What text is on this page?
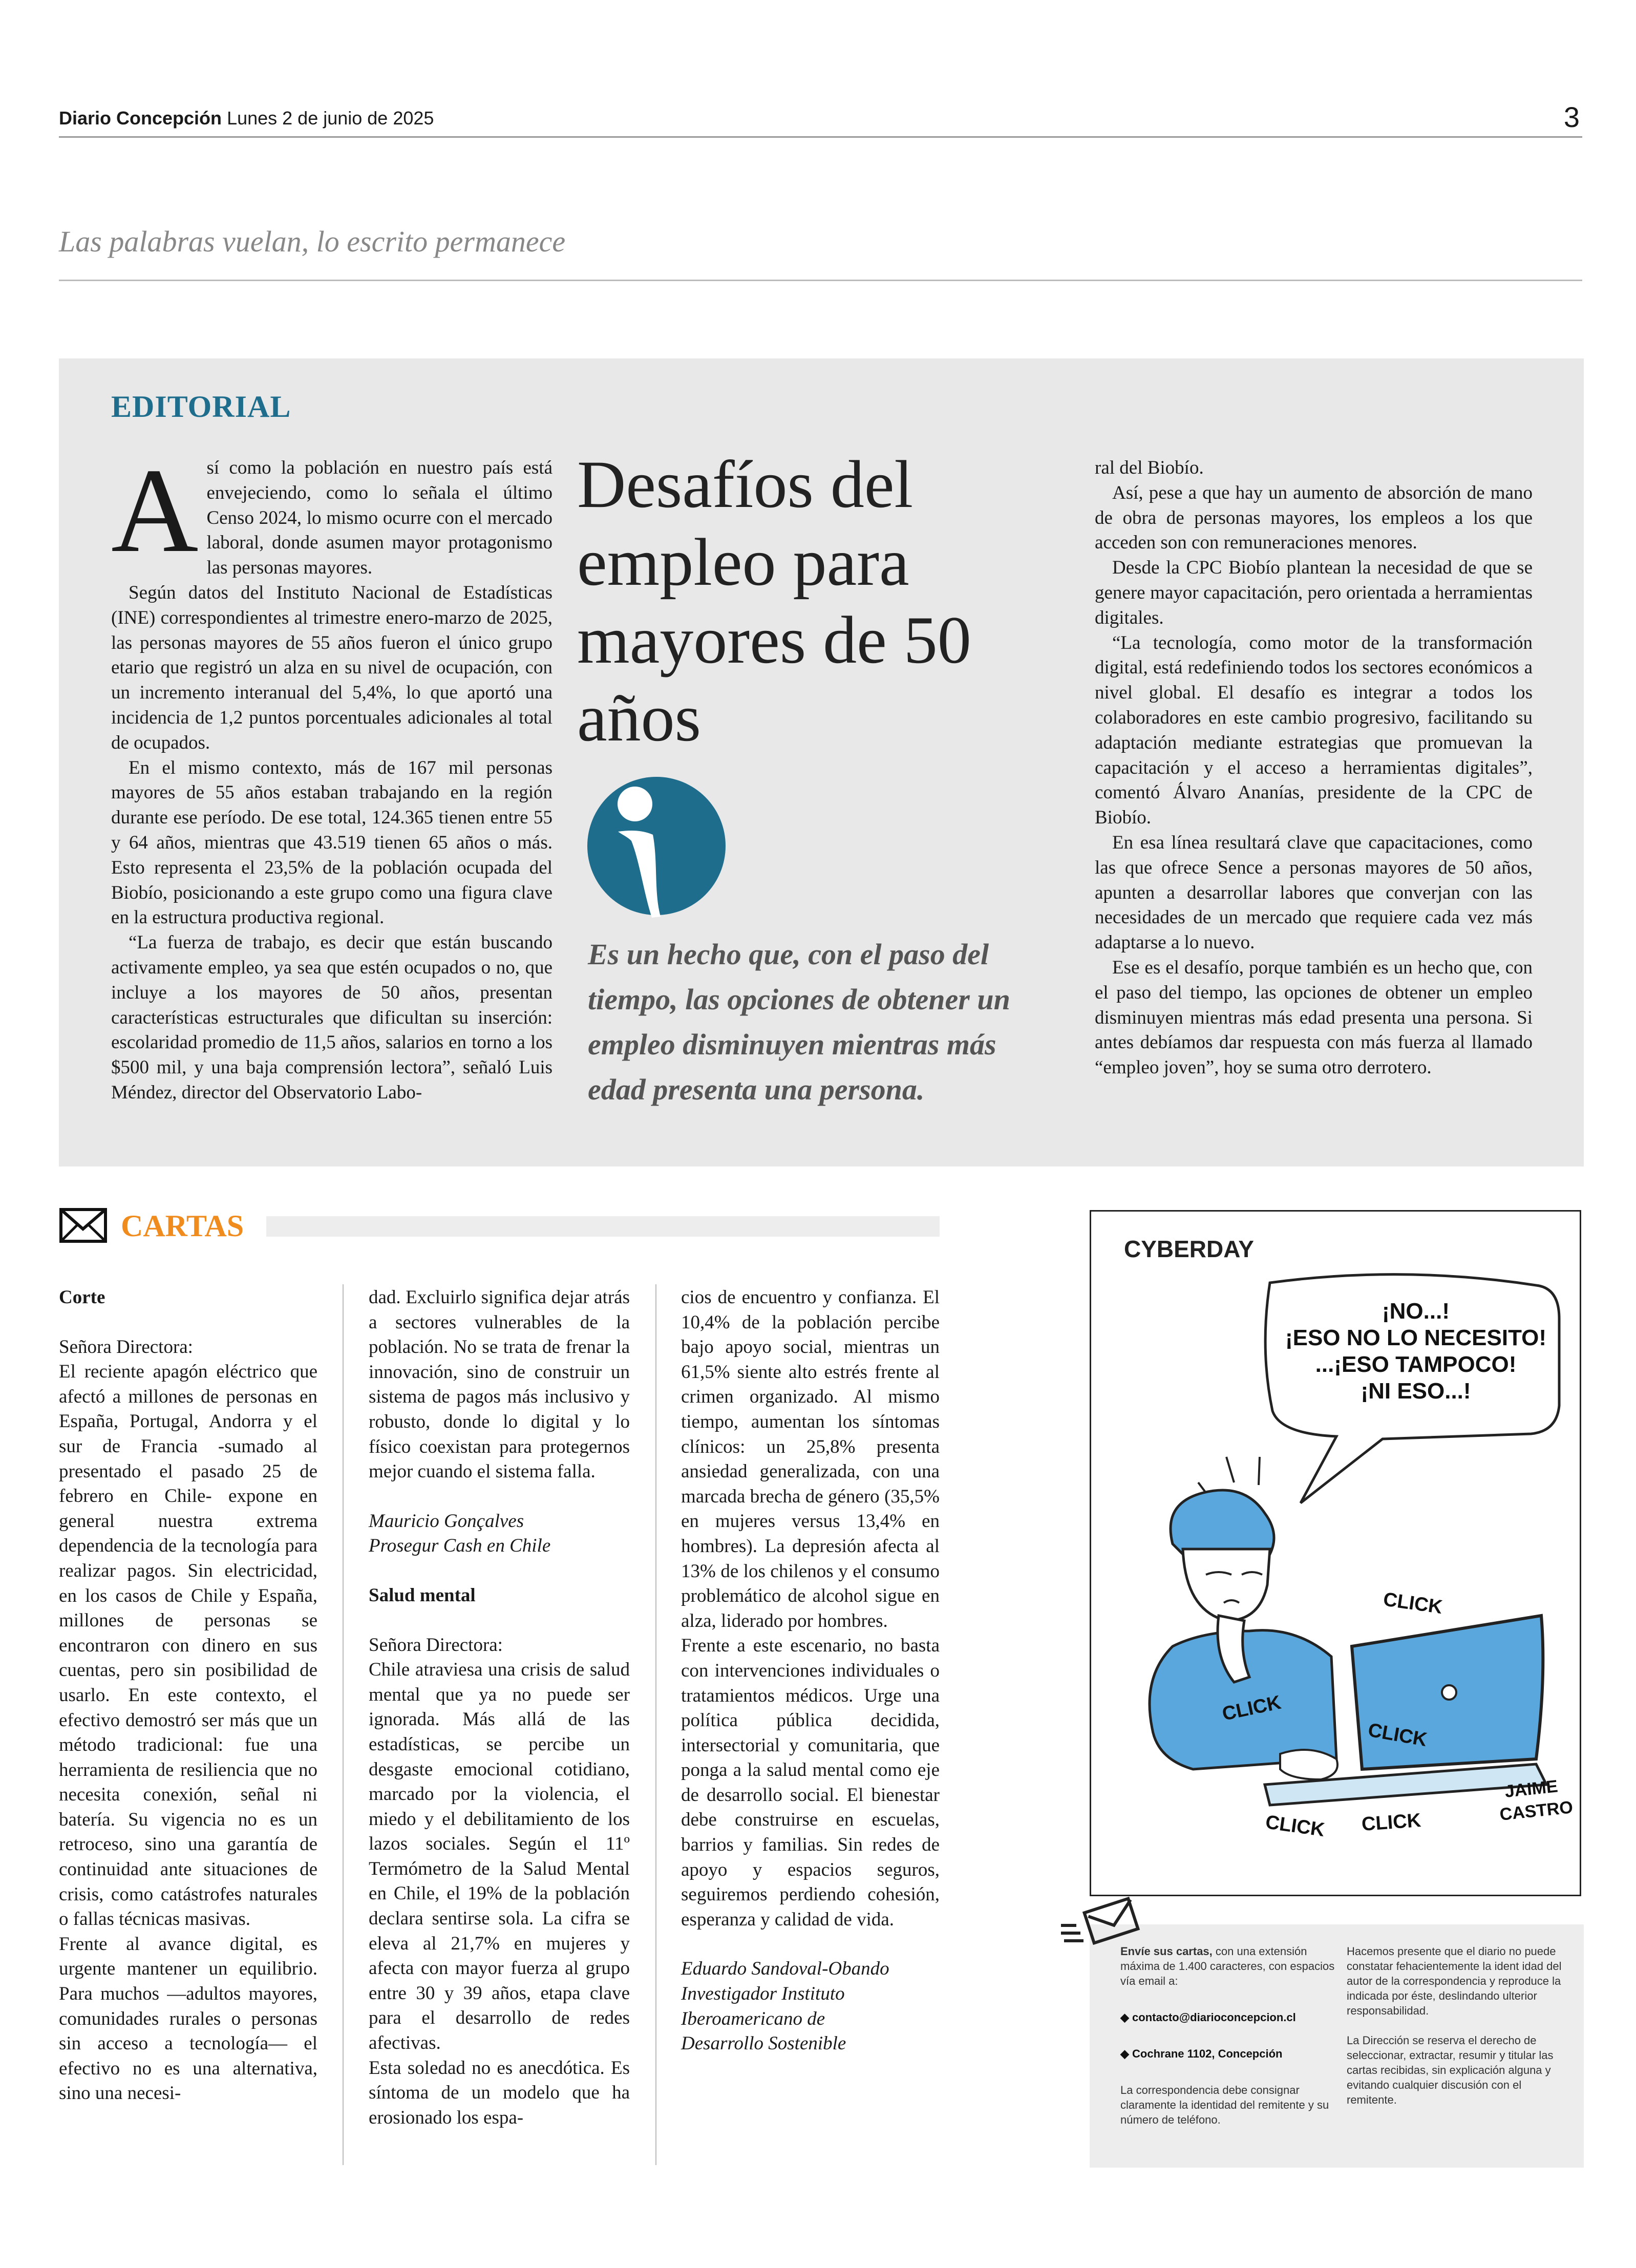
Diario Concepción Lunes 2 de junio de 2025	3
Las palabras vuelan, lo escrito permanece
EDITORIAL

Así como la población en nuestro país está envejeciendo, como lo señala el último Censo 2024, lo mismo ocurre con el mercado laboral, donde asumen mayor protagonismo las personas mayores.

Según datos del Instituto Nacional de Estadísticas (INE) correspondientes al trimestre enero-marzo de 2025, las personas mayores de 55 años fueron el único grupo etario que registró un alza en su nivel de ocupación, con un incremento interanual del 5,4%, lo que aportó una incidencia de 1,2 puntos porcentuales adicionales al total de ocupados.

En el mismo contexto, más de 167 mil personas mayores de 55 años estaban trabajando en la región durante ese período. De ese total, 124.365 tienen entre 55 y 64 años, mientras que 43.519 tienen 65 años o más. Esto representa el 23,5% de la población ocupada del Biobío, posicionando a este grupo como una figura clave en la estructura productiva regional.

“La fuerza de trabajo, es decir que están buscando activamente empleo, ya sea que estén ocupados o no, que incluye a los mayores de 50 años, presentan características estructurales que dificultan su inserción: escolaridad promedio de 11,5 años, salarios en torno a los $500 mil, y una baja comprensión lectora”, señaló Luis Méndez, director del Observatorio Labo-

Desafíos del empleo para mayores de 50 años
Es un hecho que, con el paso del tiempo, las opciones de obtener un empleo disminuyen mientras más edad presenta una persona.

ral del Biobío.

Así, pese a que hay un aumento de absorción de mano de obra de personas mayores, los empleos a los que acceden son con remuneraciones menores.

Desde la CPC Biobío plantean la necesidad de que se genere mayor capacitación, pero orientada a herramientas digitales.

“La tecnología, como motor de la transformación digital, está redefiniendo todos los sectores económicos a nivel global. El desafío es integrar a todos los colaboradores en este cambio progresivo, facilitando su adaptación mediante estrategias que promuevan la capacitación y el acceso a herramientas digitales”, comentó Álvaro Ananías, presidente de la CPC de Biobío.

En esa línea resultará clave que capacitaciones, como las que ofrece Sence a personas mayores de 50 años, apunten a desarrollar labores que converjan con las necesidades de un mercado que requiere cada vez más adaptarse a lo nuevo.

Ese es el desafío, porque también es un hecho que, con el paso del tiempo, las opciones de obtener un empleo disminuyen mientras más edad presenta una persona. Si antes debíamos dar respuesta con más fuerza al llamado “empleo joven”, hoy se suma otro derrotero.

CARTAS

Corte

Señora Directora:

El reciente apagón eléctrico que afectó a millones de personas en España, Portugal, Andorra y el sur de Francia -sumado al presentado el pasado 25 de febrero en Chile- expone en general nuestra extrema dependencia de la tecnología para realizar pagos. Sin electricidad, en los casos de Chile y España, millones de personas se encontraron con dinero en sus cuentas, pero sin posibilidad de usarlo. En este contexto, el efectivo demostró ser más que un método tradicional: fue una herramienta de resiliencia que no necesita conexión, señal ni batería. Su vigencia no es un retroceso, sino una garantía de continuidad ante situaciones de crisis, como catástrofes naturales o fallas técnicas masivas.

Frente al avance digital, es urgente mantener un equilibrio. Para muchos —adultos mayores, comunidades rurales o personas sin acceso a tecnología— el efectivo no es una alternativa, sino una necesi-

dad. Excluirlo significa dejar atrás a sectores vulnerables de la población. No se trata de frenar la innovación, sino de construir un sistema de pagos más inclusivo y robusto, donde lo digital y lo físico coexistan para protegernos mejor cuando el sistema falla.

Mauricio Gonçalves

Prosegur Cash en Chile

Salud mental

Señora Directora:

Chile atraviesa una crisis de salud mental que ya no puede ser ignorada. Más allá de las estadísticas, se percibe un desgaste emocional cotidiano, marcado por la violencia, el miedo y el debilitamiento de los lazos sociales. Según el 11º Termómetro de la Salud Mental en Chile, el 19% de la población declara sentirse sola. La cifra se eleva al 21,7% en mujeres y afecta con mayor fuerza al grupo entre 30 y 39 años, etapa clave para el desarrollo de redes afectivas.

Esta soledad no es anecdótica. Es síntoma de un modelo que ha erosionado los espa-

cios de encuentro y confianza. El 10,4% de la población percibe bajo apoyo social, mientras un 61,5% siente alto estrés frente al crimen organizado. Al mismo tiempo, aumentan los síntomas clínicos: un 25,8% presenta ansiedad generalizada, con una marcada brecha de género (35,5% en mujeres versus 13,4% en hombres). La depresión afecta al 13% de los chilenos y el consumo problemático de alcohol sigue en alza, liderado por hombres.

Frente a este escenario, no basta con intervenciones individuales o tratamientos médicos. Urge una política pública decidida, intersectorial y comunitaria, que ponga a la salud mental como eje de desarrollo social. El bienestar debe construirse en escuelas, barrios y familias. Sin redes de apoyo y espacios seguros, seguiremos perdiendo cohesión, esperanza y calidad de vida.

Eduardo Sandoval-Obando

Investigador Instituto

Iberoamericano de

Desarrollo Sostenible

CYBERDAY
¡NO...!
¡ESO NO LO NECESITO!
...¡ESO TAMPOCO!
¡NI ESO...!
CLICK
CLICK
CLICK
CLICK CLICK
JAIME
CASTRO

Envíe sus cartas, con una extensión máxima de 1.400 caracteres, con espacios vía email a:

◆ contacto@diarioconcepcion.cl

◆ Cochrane 1102, Concepción

La correspondencia debe consignar claramente la identidad del remitente y su número de teléfono.

Hacemos presente que el diario no puede constatar fehacientemente la ident idad del autor de la correspondencia y reproduce la indicada por éste, deslindando ulterior responsabilidad.

La Dirección se reserva el derecho de seleccionar, extractar, resumir y titular las cartas recibidas, sin explicación alguna y evitando cualquier discusión con el remitente.
